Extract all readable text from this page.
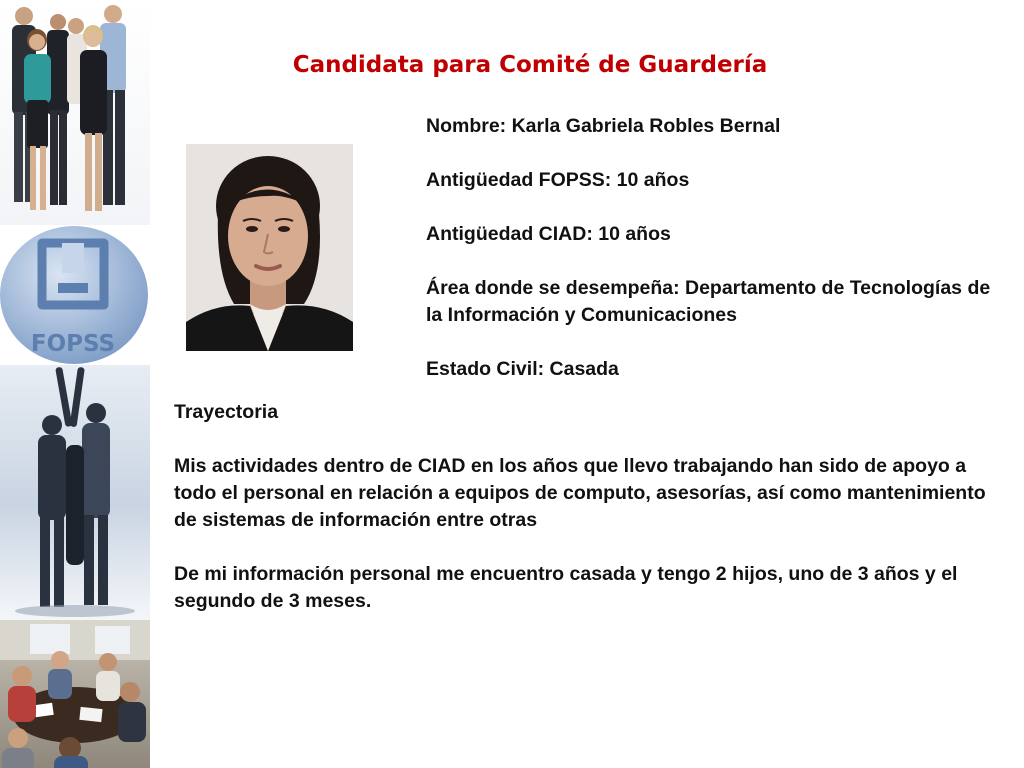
FOPSS
Candidata para Comité de Guardería

Nombre: Karla Gabriela Robles Bernal

Antigüedad FOPSS: 10 años

Antigüedad CIAD: 10 años

Área donde se desempeña: Departamento de Tecnologías de la Información y Comunicaciones

Estado Civil: Casada

Trayectoria

Mis actividades dentro de CIAD en los años que llevo trabajando han sido de apoyo a todo el personal en relación a equipos de computo, asesorías, así como mantenimiento de sistemas de información entre otras

De mi información personal me encuentro casada y tengo 2 hijos, uno de 3 años y el segundo de 3 meses.
